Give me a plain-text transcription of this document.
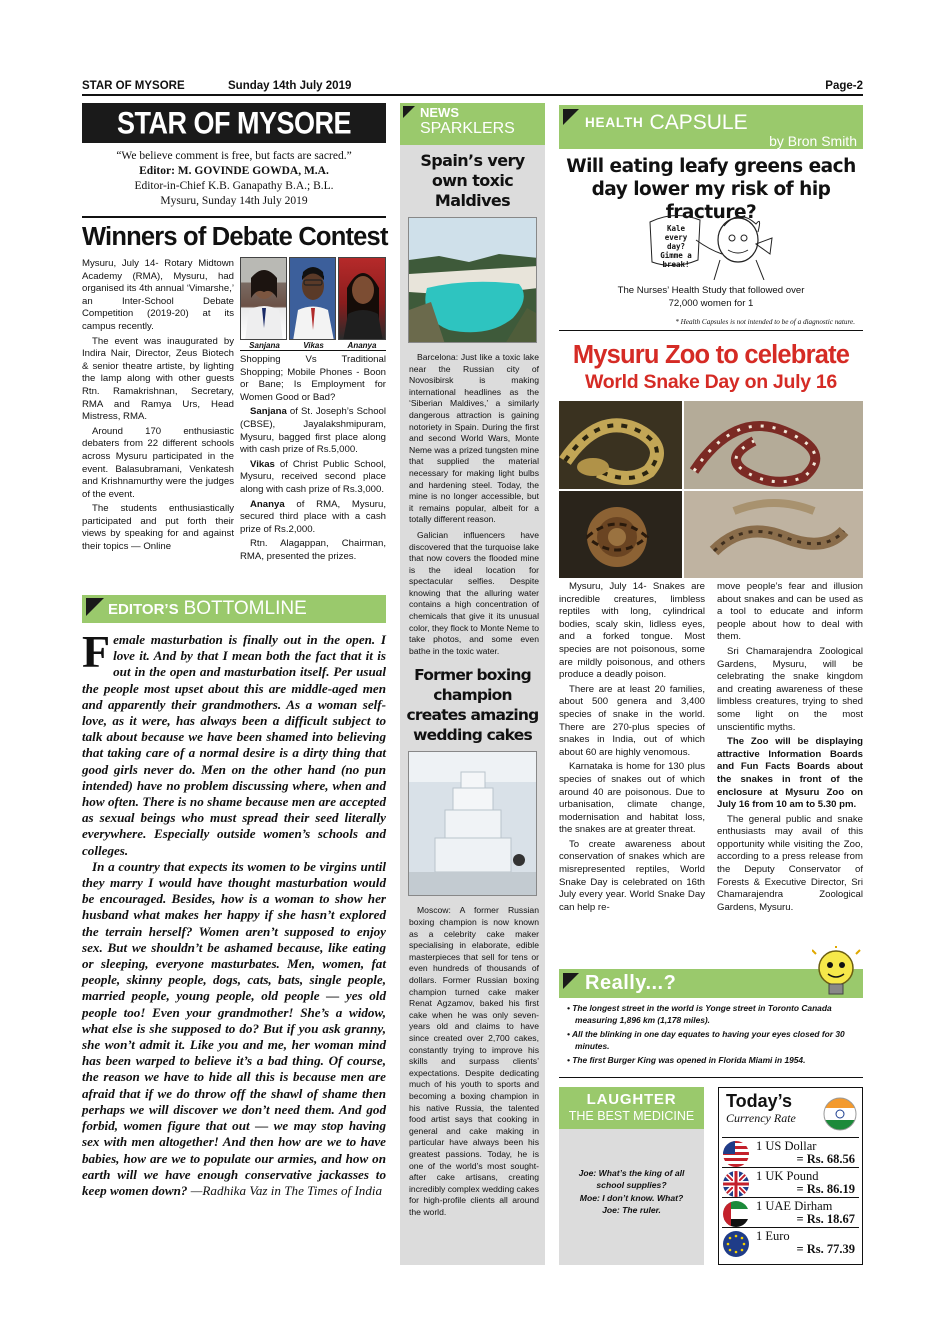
STAR OF MYSORE	Sunday 14th July 2019	Page-2
STAR OF MYSORE
“We believe comment is free, but facts are sacred.”
Editor: M. GOVINDE GOWDA, M.A.
Editor-in-Chief K.B. Ganapathy B.A.; B.L.
Mysuru, Sunday 14th July 2019
Winners of Debate Contest

Mysuru, July 14- Rotary Midtown Academy (RMA), Mysuru, had organised its 4th annual ‘Vimarshe,’ an Inter-School Debate Competition (2019-20) at its campus recently.

The event was inaugurated by Indira Nair, Director, Zeus Biotech & senior theatre artiste, by lighting the lamp along with other guests Rtn. Ramakrishnan, Secretary, RMA and Ramya Urs, Head Mistress, RMA.

Around 170 enthusiastic debaters from 22 different schools across Mysuru participated in the event. Balasubramani, Venkatesh and Krishnamurthy were the judges of the event.

The students enthusiastically participated and put forth their views by speaking for and against their topics — Online

Sanjana	Vikas	Ananya

Shopping Vs Traditional Shopping; Mobile Phones - Boon or Bane; Is Employment for Women Good or Bad?

Sanjana of St. Joseph’s School (CBSE), Jayalakshmipuram, Mysuru, bagged first place along with cash prize of Rs.5,000.

Vikas of Christ Public School, Mysuru, received second place along with cash prize of Rs.3,000.

Ananya of RMA, Mysuru, secured third place with a cash prize of Rs.2,000.

Rtn. Alagappan, Chairman, RMA, presented the prizes.

EDITOR’S BOTTOMLINE

Female masturbation is finally out in the open. I love it. And by that I mean both the fact that it is out in the open and masturbation itself. Per usual the people most upset about this are middle-aged men and apparently their grandmothers. As a woman self-love, as it were, has always been a difficult subject to talk about because we have been shamed into believing that taking care of a normal desire is a dirty thing that good girls never do. Men on the other hand (no pun intended) have no problem discussing where, when and how often. There is no shame because men are accepted as sexual beings who must spread their seed literally everywhere. Especially outside women’s schools and colleges.

In a country that expects its women to be virgins until they marry I would have thought masturbation would be encouraged. Besides, how is a woman to show her husband what makes her happy if she hasn’t explored the terrain herself? Women aren’t supposed to enjoy sex. But we shouldn’t be ashamed because, like eating or sleeping, everyone masturbates. Men, women, fat people, skinny people, dogs, cats, bats, single people, married people, young people, old people — yes old people too! Even your grandmother! She’s a widow, what else is she supposed to do? But if you ask granny, she won’t admit it. Like you and me, her woman mind has been warped to believe it’s a bad thing. Of course, the reason we have to hide all this is because men are afraid that if we do throw off the shawl of shame then perhaps we will discover we don’t need them. And god forbid, women figure that out — we may stop having sex with men altogether! And then how are we to have babies, how are we to populate our armies, and how on earth will we have enough conservative jackasses to keep women down? —Radhika Vaz in The Times of India

NEWS
SPARKLERS
Spain’s very own toxic Maldives

Barcelona: Just like a toxic lake near the Russian city of Novosibirsk is making international headlines as the ‘Siberian Maldives,’ a similarly dangerous attraction is gaining notoriety in Spain. During the first and second World Wars, Monte Neme was a prized tungsten mine that supplied the material necessary for making light bulbs and hardening steel. Today, the mine is no longer accessible, but it remains popular, albeit for a totally different reason.

Galician influencers have discovered that the turquoise lake that now covers the flooded mine is the ideal location for spectacular selfies. Despite knowing that the alluring water contains a high concentration of chemicals that give it its unusual color, they flock to Monte Neme to take photos, and some even bathe in the toxic water.

Former boxing champion creates amazing wedding cakes

Moscow: A former Russian boxing champion is now known as a celebrity cake maker specialising in elaborate, edible masterpieces that sell for tens or even hundreds of thousands of dollars. Former Russian boxing champion turned cake maker Renat Agzamov, baked his first cake when he was only seven-years old and claims to have since created over 2,700 cakes, constantly trying to improve his skills and surpass clients’ expectations. Despite dedicating much of his youth to sports and becoming a boxing champion in his native Russia, the talented food artist says that cooking in general and cake making in particular have always been his greatest passions. Today, he is one of the world’s most sought-after cake artisans, creating incredibly complex wedding cakes for high-profile clients all around the world.

HEALTH CAPSULE
by Bron Smith
Will eating leafy greens each day lower my risk of hip fracture?
Kale every day? Gimme a break!
The Nurses’ Health Study that followed over 72,000 women for 1
* Health Capsules is not intended to be of a diagnostic nature.
Mysuru Zoo to celebrate
World Snake Day on July 16

Mysuru, July 14- Snakes are incredible creatures, limbless reptiles with long, cylindrical bodies, scaly skin, lidless eyes, and a forked tongue. Most species are not poisonous, some are mildly poisonous, and others produce a deadly poison.

There are at least 20 families, about 500 genera and 3,400 species of snake in the world. There are 270-plus species of snakes in India, out of which about 60 are highly venomous.

Karnataka is home for 130 plus species of snakes out of which around 40 are poisonous. Due to urbanisation, climate change, modernisation and habitat loss, the snakes are at greater threat.

To create awareness about conservation of snakes which are misrepresented reptiles, World Snake Day is celebrated on 16th July every year. World Snake Day can help re-

move people’s fear and illusion about snakes and can be used as a tool to educate and inform people about how to deal with them.

Sri Chamarajendra Zoological Gardens, Mysuru, will be celebrating the snake kingdom and creating awareness of these limbless creatures, trying to shed some light on the most unscientific myths.

The Zoo will be displaying attractive Information Boards and Fun Facts Boards about the snakes in front of the enclosure at Mysuru Zoo on July 16 from 10 am to 5.30 pm.

The general public and snake enthusiasts may avail of this opportunity while visiting the Zoo, according to a press release from the Deputy Conservator of Forests & Executive Director, Sri Chamarajendra Zoological Gardens, Mysuru.

Really...?
• The longest street in the world is Yonge street in Toronto Canada measuring 1,896 km (1,178 miles).
• All the blinking in one day equates to having your eyes closed for 30 minutes.
• The first Burger King was opened in Florida Miami in 1954.
LAUGHTER
THE BEST MEDICINE
Joe: What’s the king of all school supplies?
Moe: I don’t know. What?
Joe: The ruler.
Today’s
Currency Rate
1 US Dollar
= Rs. 68.56
1 UK Pound
= Rs. 86.19
1 UAE Dirham
= Rs. 18.67
1 Euro
= Rs. 77.39
